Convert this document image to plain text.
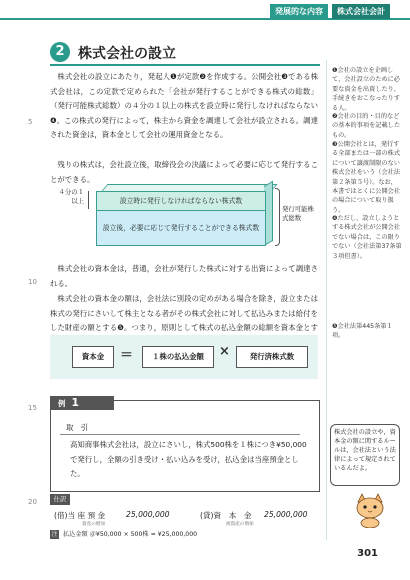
発展的な内容	株式会社会計
2 株式会社の設立
株式会社の設立にあたり，発起人❶が定款❷を作成する。公開会社❸である株式会社は，この定款で定められた「会社が発行することができる株式の総数」（発行可能株式総数）の４分の１以上の株式を設立時に発行しなければならない❹。この株式の発行によって，株主から資金を調達して会社が設立される。調達された資金は，資本金として会社の運用資金となる。
残りの株式は，会社設立後，取締役会の決議によって必要に応じて発行することができる。
5
設立時に発行しなければならない株式数
設立後，必要に応じて発行することができる株式数
４分の１以上
発行可能株式総数
株式会社の資本金は，普通，会社が発行した株式に対する出資によって調達される。
10
株式会社の資本金の額は，会社法に別段の定めがある場合を除き，設立または株式の発行にさいして株主となる者がその株式会社に対して払込みまたは給付をした財産の額とする❺。つまり，原則として株式の払込金額の総額を資本金とす
資本金	＝	１株の払込金額	×	発行済株式数
15	例 1
取　引
高知商事株式会社は，設立にさいし，株式500株を１株につき¥50,000で発行し，全額の引き受け・払い込みを受け，払込金は当座預金とした。
20	仕訳
(借)当 座 預 金	25,000,000
資産の増加
(貸)資　本　金 25,000,000
純資産の増加
注 払込金額 ＠¥50,000 × 500株 = ¥25,000,000
❶会社の設立を企画して，会社設立のために必要な資金を出資したり，手続きをおこなったりする人。
❷会社の目的・目的などの基本的事項を記載したもの。
❸公開会社とは，発行する全部または一部の株式について譲渡制限のない株式会社をいう（会社法第２条第５号）。なお，本書ではとくに公開会社の場合について取り扱う。
❹ただし，設立しようとする株式会社が公開会社でない場合は，この限りでない（会社法第37条第３項但書）。
❺会社法第445条第１項。
株式会社の設立や，資本金の額に関するルールは，会社法という法律によって規定されているんだよ。
301
